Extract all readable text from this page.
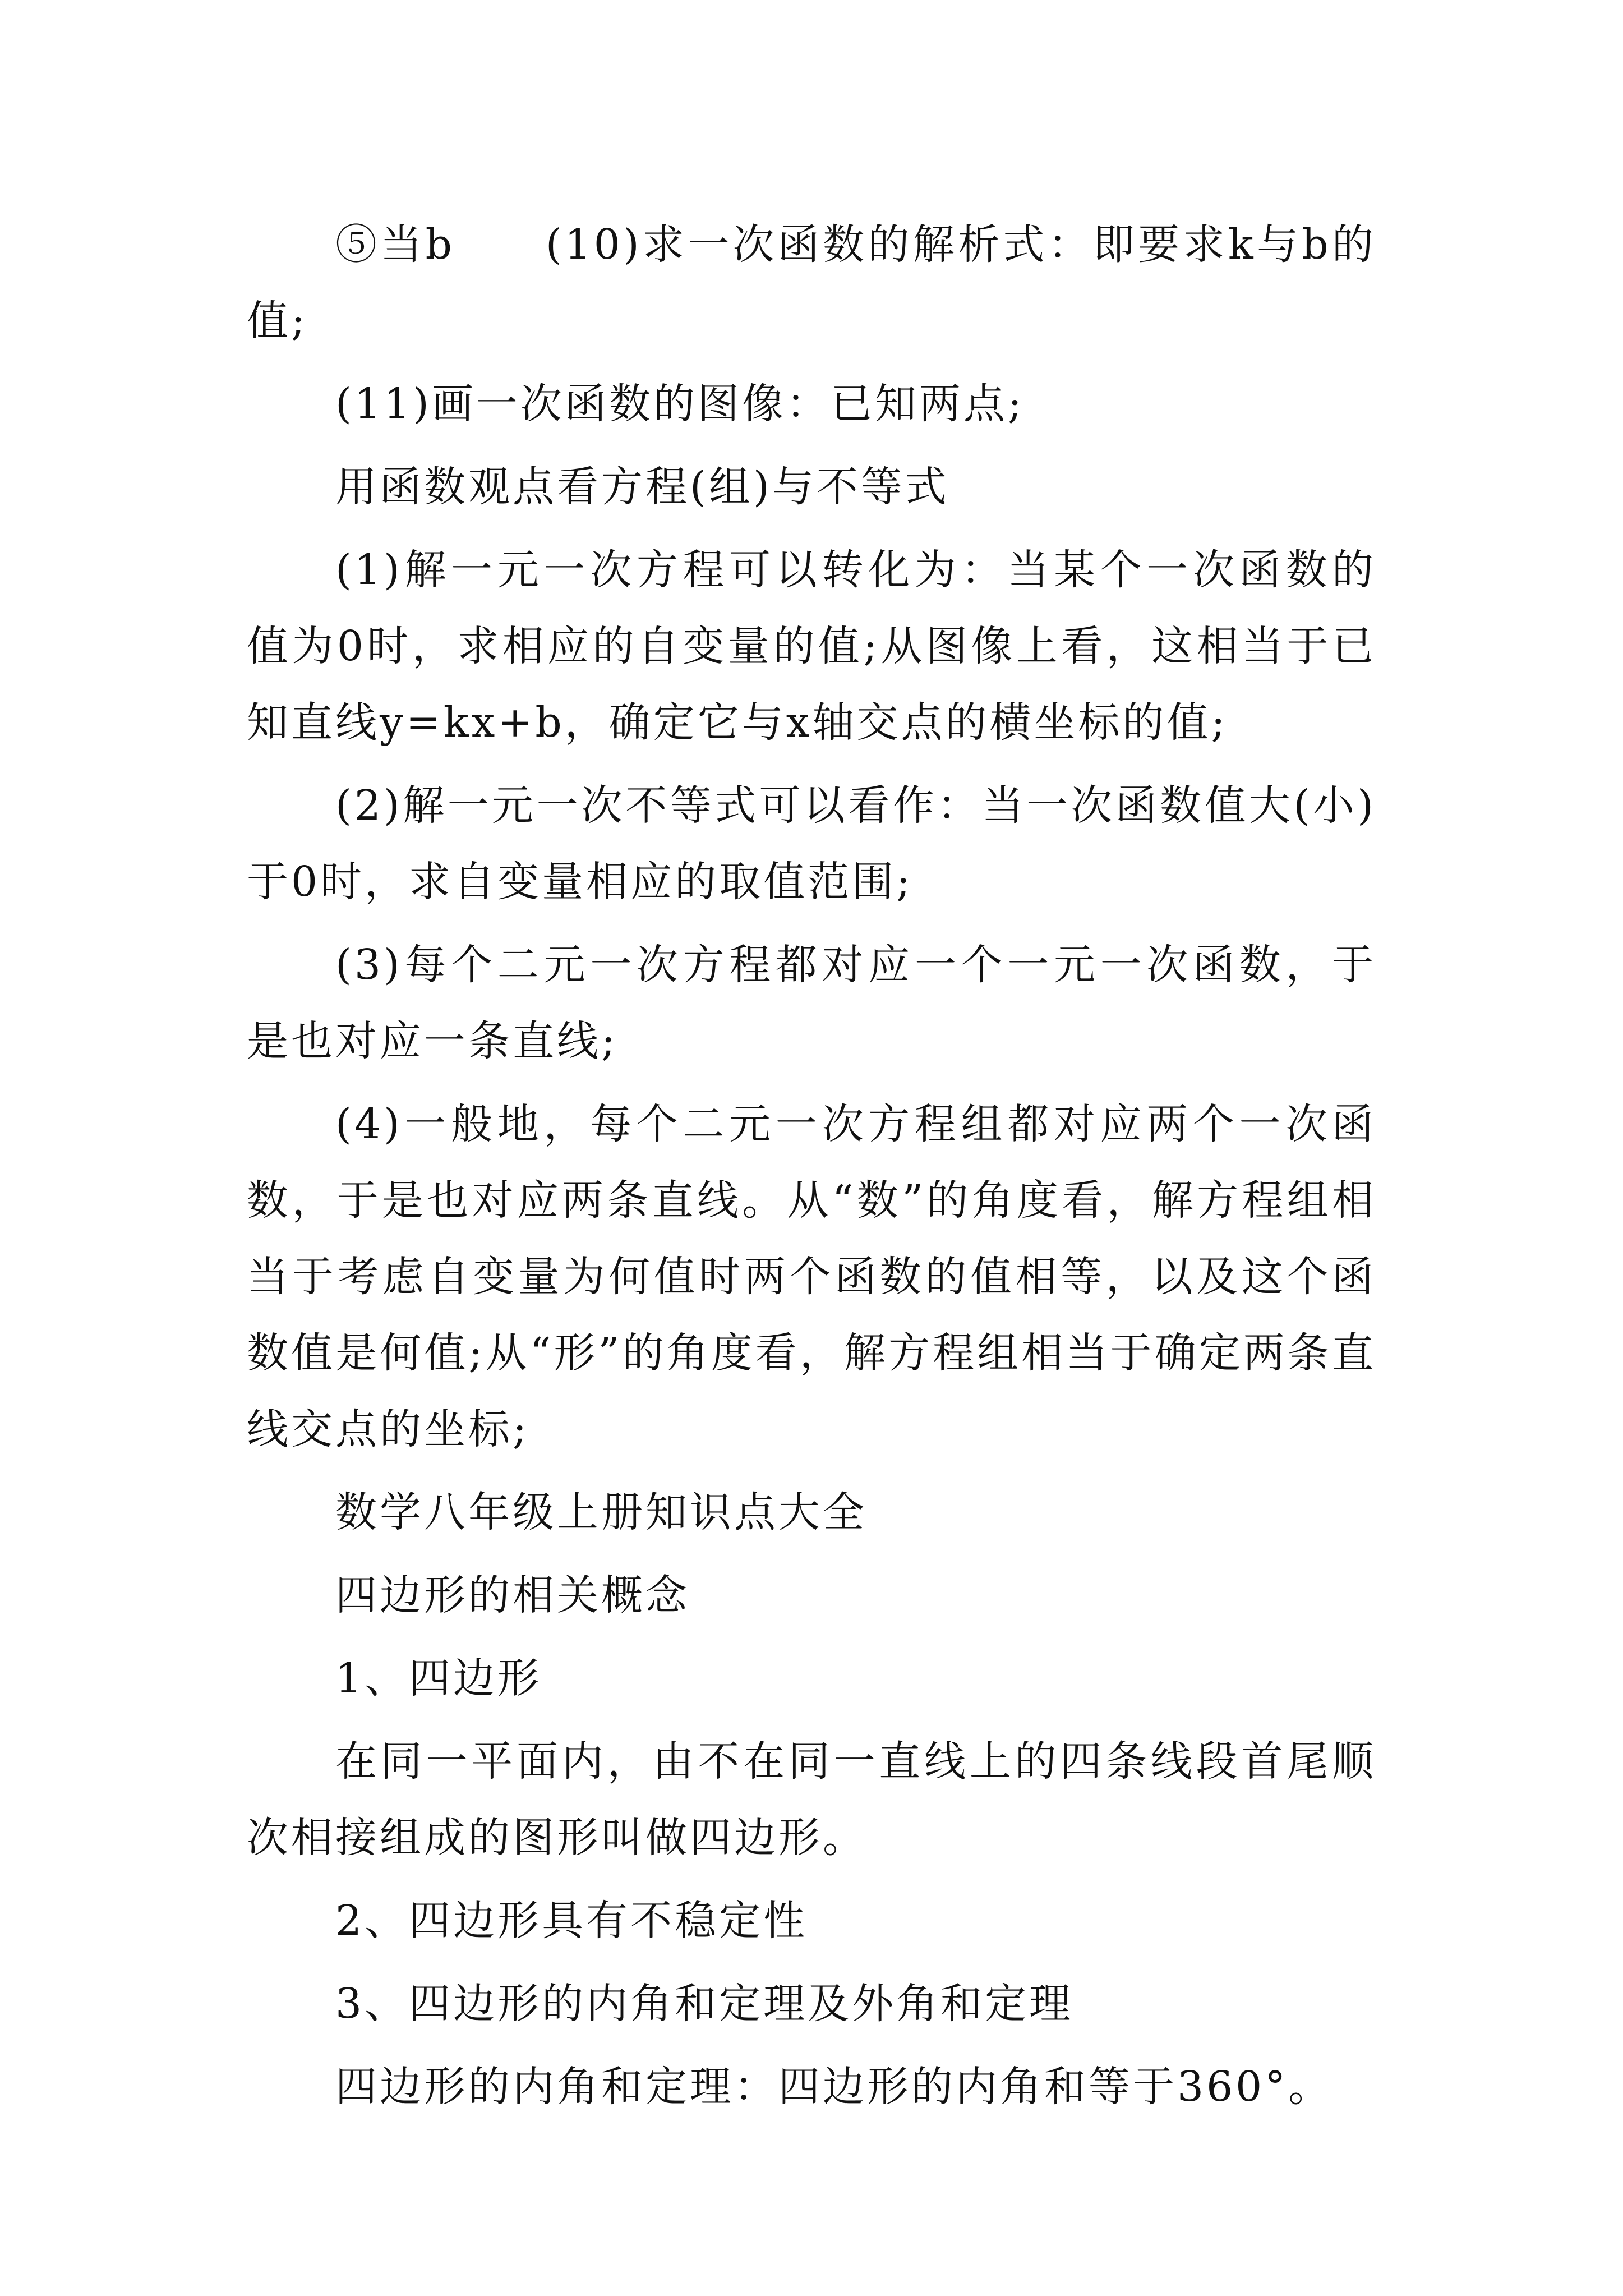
⑤当b　　(10)求一次函数的解析式：即要求k与b的值;

(11)画一次函数的图像：已知两点;

用函数观点看方程(组)与不等式

(1)解一元一次方程可以转化为：当某个一次函数的值为0时，求相应的自变量的值;从图像上看，这相当于已知直线y=kx+b，确定它与x轴交点的横坐标的值;

(2)解一元一次不等式可以看作：当一次函数值大(小)于0时，求自变量相应的取值范围;

(3)每个二元一次方程都对应一个一元一次函数，于是也对应一条直线;

(4)一般地，每个二元一次方程组都对应两个一次函数，于是也对应两条直线。从“数”的角度看，解方程组相当于考虑自变量为何值时两个函数的值相等，以及这个函数值是何值;从“形”的角度看，解方程组相当于确定两条直线交点的坐标;

数学八年级上册知识点大全

四边形的相关概念

1、四边形

在同一平面内，由不在同一直线上的四条线段首尾顺次相接组成的图形叫做四边形。

2、四边形具有不稳定性

3、四边形的内角和定理及外角和定理

四边形的内角和定理：四边形的内角和等于360°。
